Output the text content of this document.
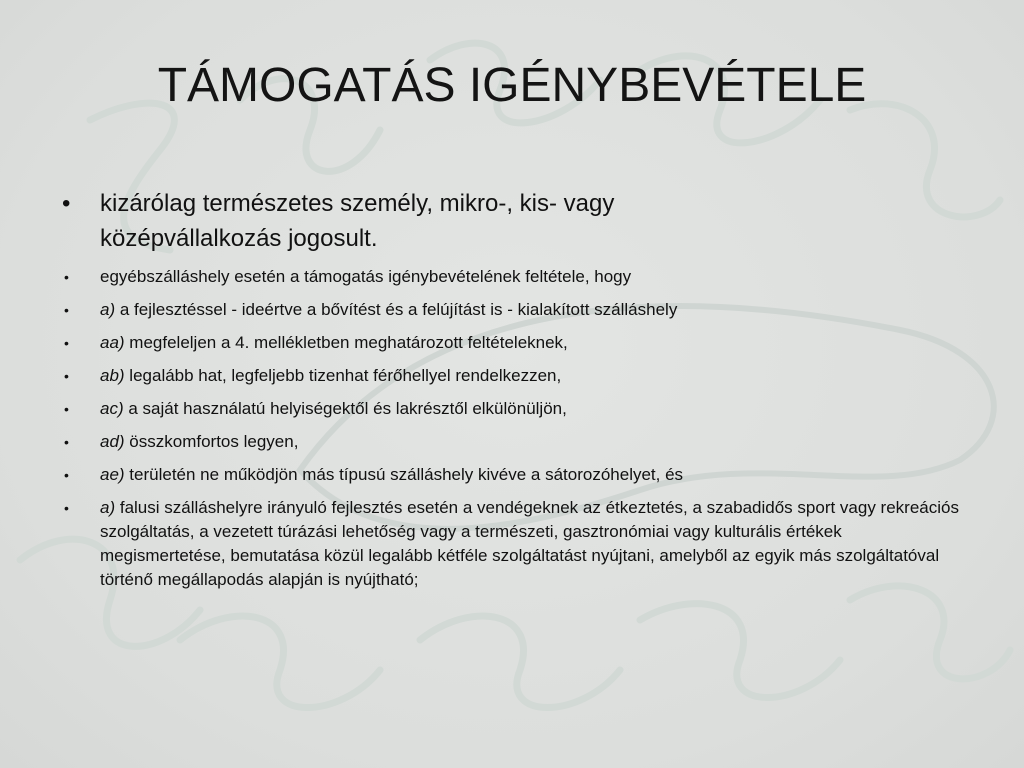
TÁMOGATÁS IGÉNYBEVÉTELE
• kizárólag természetes személy, mikro-, kis- vagy középvállalkozás jogosult.
• egyébszálláshely esetén a támogatás igénybevételének feltétele, hogy
• a) a fejlesztéssel - ideértve a bővítést és a felújítást is - kialakított szálláshely
• aa) megfeleljen a 4. mellékletben meghatározott feltételeknek,
• ab) legalább hat, legfeljebb tizenhat férőhellyel rendelkezzen,
• ac) a saját használatú helyiségektől és lakrésztől elkülönüljön,
• ad) összkomfortos legyen,
• ae) területén ne működjön más típusú szálláshely kivéve a sátorozóhelyet, és
• a) falusi szálláshelyre irányuló fejlesztés esetén a vendégeknek az étkeztetés, a szabadidős sport vagy rekreációs szolgáltatás, a vezetett túrázási lehetőség vagy a természeti, gasztronómiai vagy kulturális értékek megismertetése, bemutatása közül legalább kétféle szolgáltatást nyújtani, amelyből az egyik más szolgáltatóval történő megállapodás alapján is nyújtható;
